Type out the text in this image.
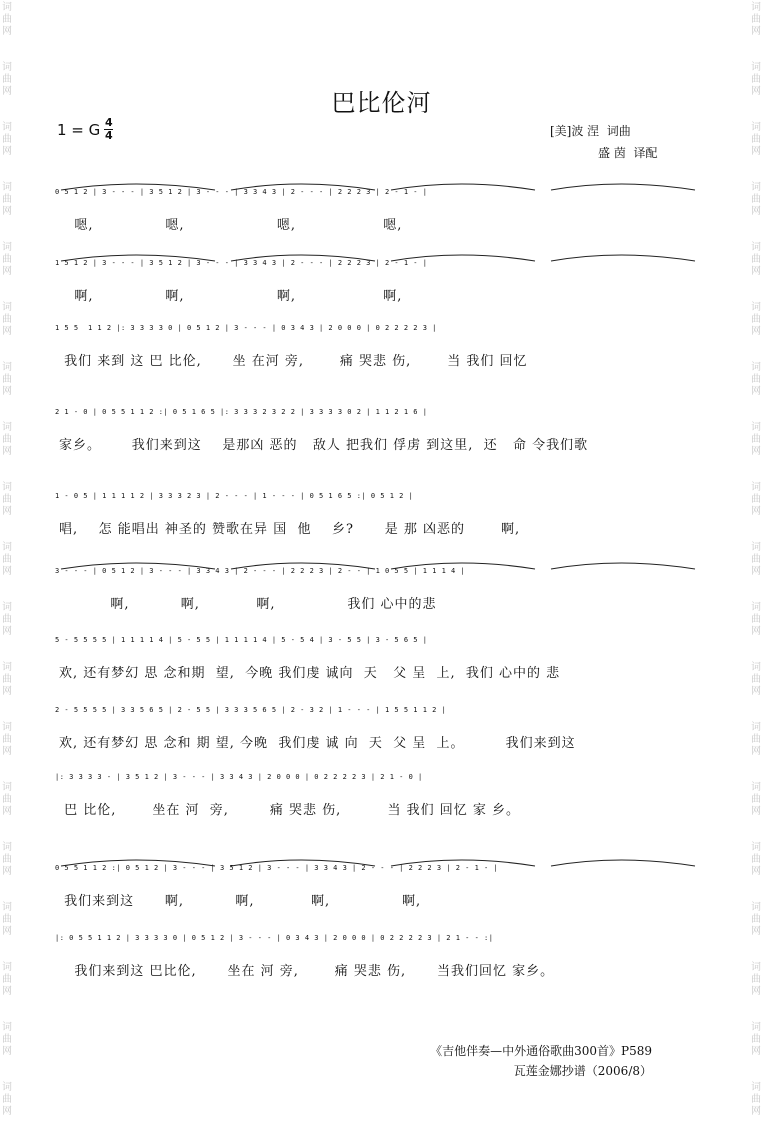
词
曲
网
词
曲
网
词
曲
网
词
曲
网
词
曲
网
词
曲
网
词
曲
网
词
曲
网
词
曲
网
词
曲
网
词
曲
网
词
曲
网
词
曲
网
词
曲
网
词
曲
网
词
曲
网
词
曲
网
词
曲
网
词
曲
网
词
曲
网
词
曲
网
词
曲
网
词
曲
网
词
曲
网
词
曲
网
词
曲
网
词
曲
网
词
曲
网
词
曲
网
词
曲
网
词
曲
网
词
曲
网
词
曲
网
词
曲
网
词
曲
网
词
曲
网
词
曲
网
词
曲
网
巴比伦河
1 = G $\frac{4}{4}$	[美]波 涅  词曲
盛 茵  译配
0 5 1 2 | 3 - - - | 3 5 1 2 | 3 - - - | 3 3 4 3 | 2 - - - | 2 2 2 3 | 2 - 1 - |
嗯,              嗯,                  嗯,                 嗯,
1 5 1 2 | 3 - - - | 3 5 1 2 | 3 - - - | 3 3 4 3 | 2 - - - | 2 2 2 3 | 2 - 1 - |
啊,              啊,                  啊,                 啊,
1 5 5  1 1 2 |: 3 3 3 3 0 | 0 5 1 2 | 3 - - - | 0 3 4 3 | 2 0 0 0 | 0 2 2 2 2 3 |
我们 来到 这 巴 比伦,      坐 在河 旁,       痛 哭悲 伤,       当 我们 回忆
2 1 - 0 | 0 5 5 1 1 2 :| 0 5 1 6 5 |: 3 3 3 2 3 2 2 | 3 3 3 3 0 2 | 1 1 2 1 6 |
家乡。      我们来到这    是那凶 恶的   敌人 把我们 俘虏 到这里,  还   命 令我们歌
1 - 0 5 | 1 1 1 1 2 | 3 3 3 2 3 | 2 - - - | 1 - - - | 0 5 1 6 5 :| 0 5 1 2 |
唱,    怎 能唱出 神圣的 赞歌在异 国  他    乡?      是 那 凶恶的       啊,
3 - - - | 0 5 1 2 | 3 - - - | 3 3 4 3 | 2 - - - | 2 2 2 3 | 2 - - | 1 0 5 5 | 1 1 1 4 |
啊,          啊,           啊,              我们 心中的悲
5 - 5 5 5 5 | 1 1 1 1 4 | 5 - 5 5 | 1 1 1 1 4 | 5 - 5 4 | 3 - 5 5 | 3 - 5 6 5 |
欢, 还有梦幻 思 念和期  望,  今晚 我们虔 诚向  天   父 呈  上,  我们 心中的 悲
2 - 5 5 5 5 | 3 3 5 6 5 | 2 - 5 5 | 3 3 3 5 6 5 | 2 - 3 2 | 1 - - - | 1 5 5 1 1 2 |
欢, 还有梦幻 思 念和 期 望, 今晚  我们虔 诚 向  天  父 呈  上。        我们来到这
|: 3 3 3 3 - | 3 5 1 2 | 3 - - - | 3 3 4 3 | 2 0 0 0 | 0 2 2 2 2 3 | 2 1 - 0 |
巴 比伦,       坐在 河  旁,        痛 哭悲 伤,         当 我们 回忆 家 乡。
0 5 5 1 1 2 :| 0 5 1 2 | 3 - - - | 3 5 1 2 | 3 - - - | 3 3 4 3 | 2 - - - | 2 2 2 3 | 2 - 1 - |
我们来到这      啊,          啊,           啊,              啊,
|: 0 5 5 1 1 2 | 3 3 3 3 0 | 0 5 1 2 | 3 - - - | 0 3 4 3 | 2 0 0 0 | 0 2 2 2 2 3 | 2 1 - - :|
我们来到这 巴比伦,      坐在 河 旁,       痛 哭悲 伤,      当我们回忆 家乡。
《吉他伴奏—中外通俗歌曲300首》P589
瓦莲金娜抄谱（2006/8）
